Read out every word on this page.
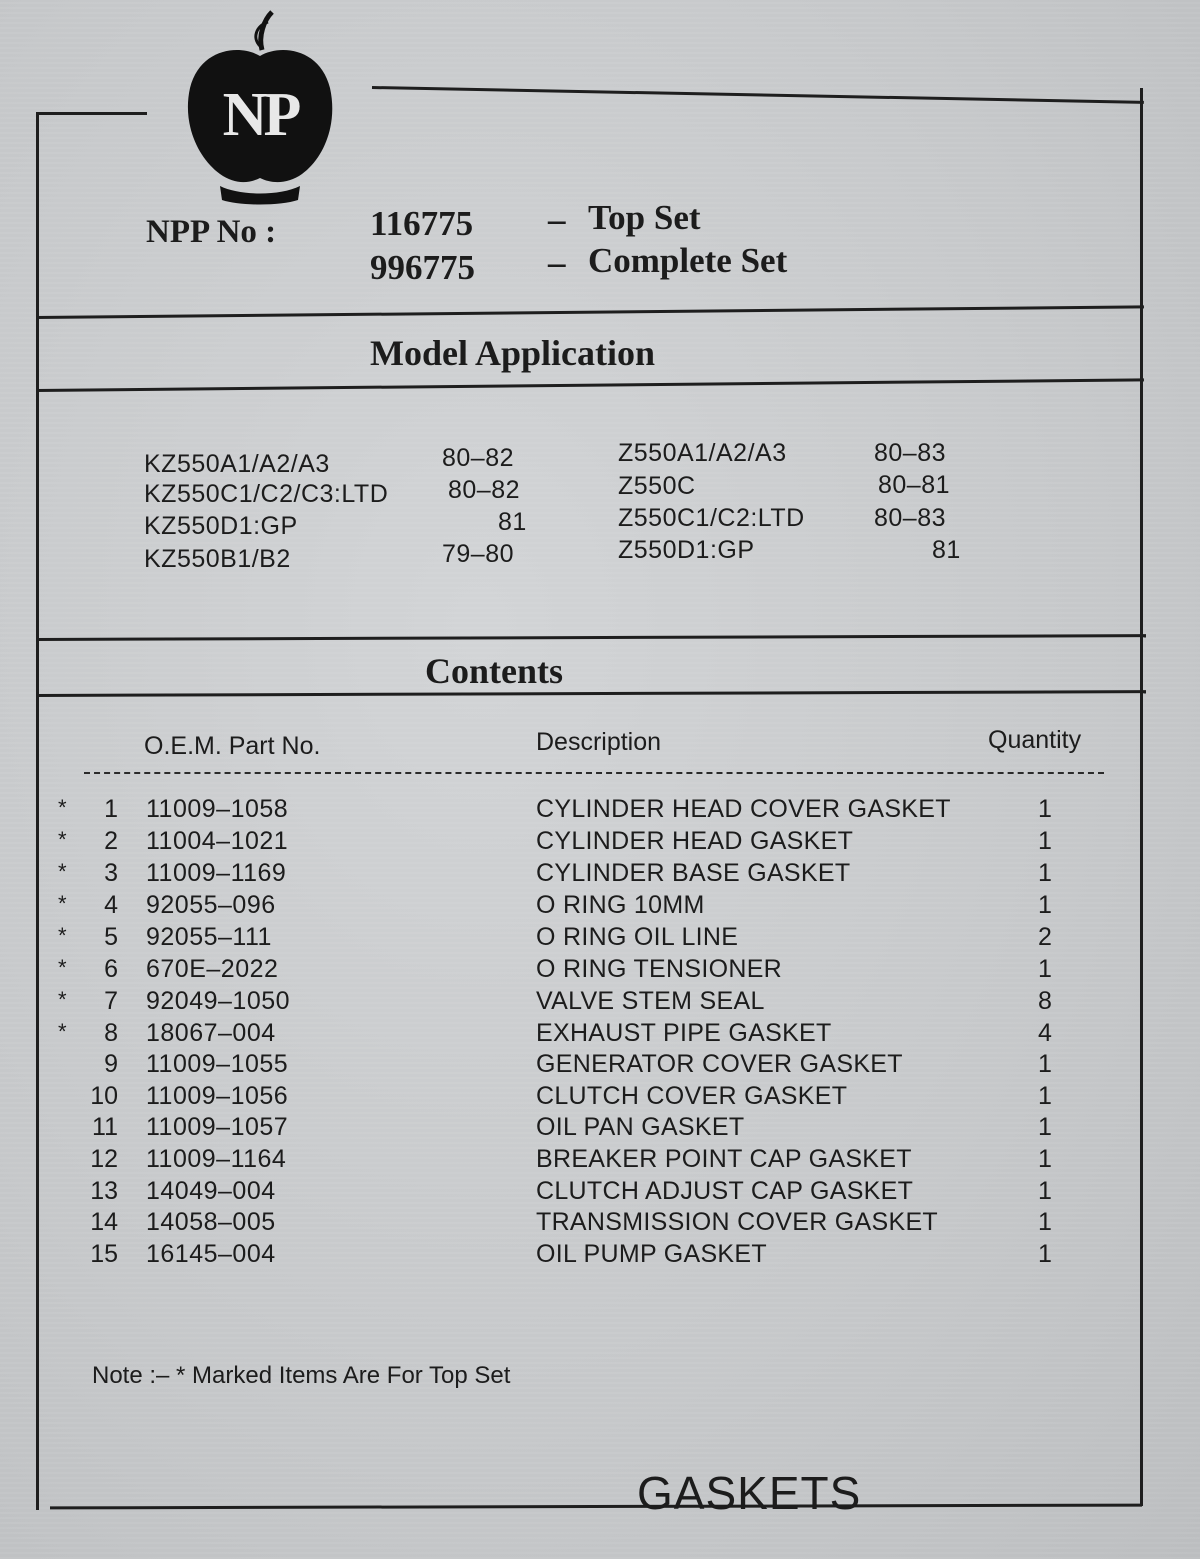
NP
NPP No :	116775 – Top Set
996775 – Complete Set
Model Application
KZ550A1/A2/A3	80–82
KZ550C1/C2/C3:LTD 80–82
KZ550D1:GP	81
KZ550B1/B2	79–80
Z550A1/A2/A3	80–83
Z550C	80–81
Z550C1/C2:LTD	80–83
Z550D1:GP	81
Contents
O.E.M. Part No.	Description	Quantity
*	1 11009–1058	CYLINDER HEAD COVER GASKET	1
*	2 11004–1021	CYLINDER HEAD GASKET	1
*	3 11009–1169	CYLINDER BASE GASKET	1
*	4 92055–096	O RING 10MM	1
*	5 92055–111	O RING OIL LINE	2
*	6 670E–2022	O RING TENSIONER	1
*	7 92049–1050	VALVE STEM SEAL	8
*	8 18067–004	EXHAUST PIPE GASKET	4
9 11009–1055	GENERATOR COVER GASKET	1
10 11009–1056	CLUTCH COVER GASKET	1
11 11009–1057	OIL PAN GASKET	1
12 11009–1164	BREAKER POINT CAP GASKET	1
13 14049–004	CLUTCH ADJUST CAP GASKET	1
14 14058–005	TRANSMISSION COVER GASKET	1
15 16145–004	OIL PUMP GASKET	1
Note :– * Marked Items Are For Top Set
GASKETS
